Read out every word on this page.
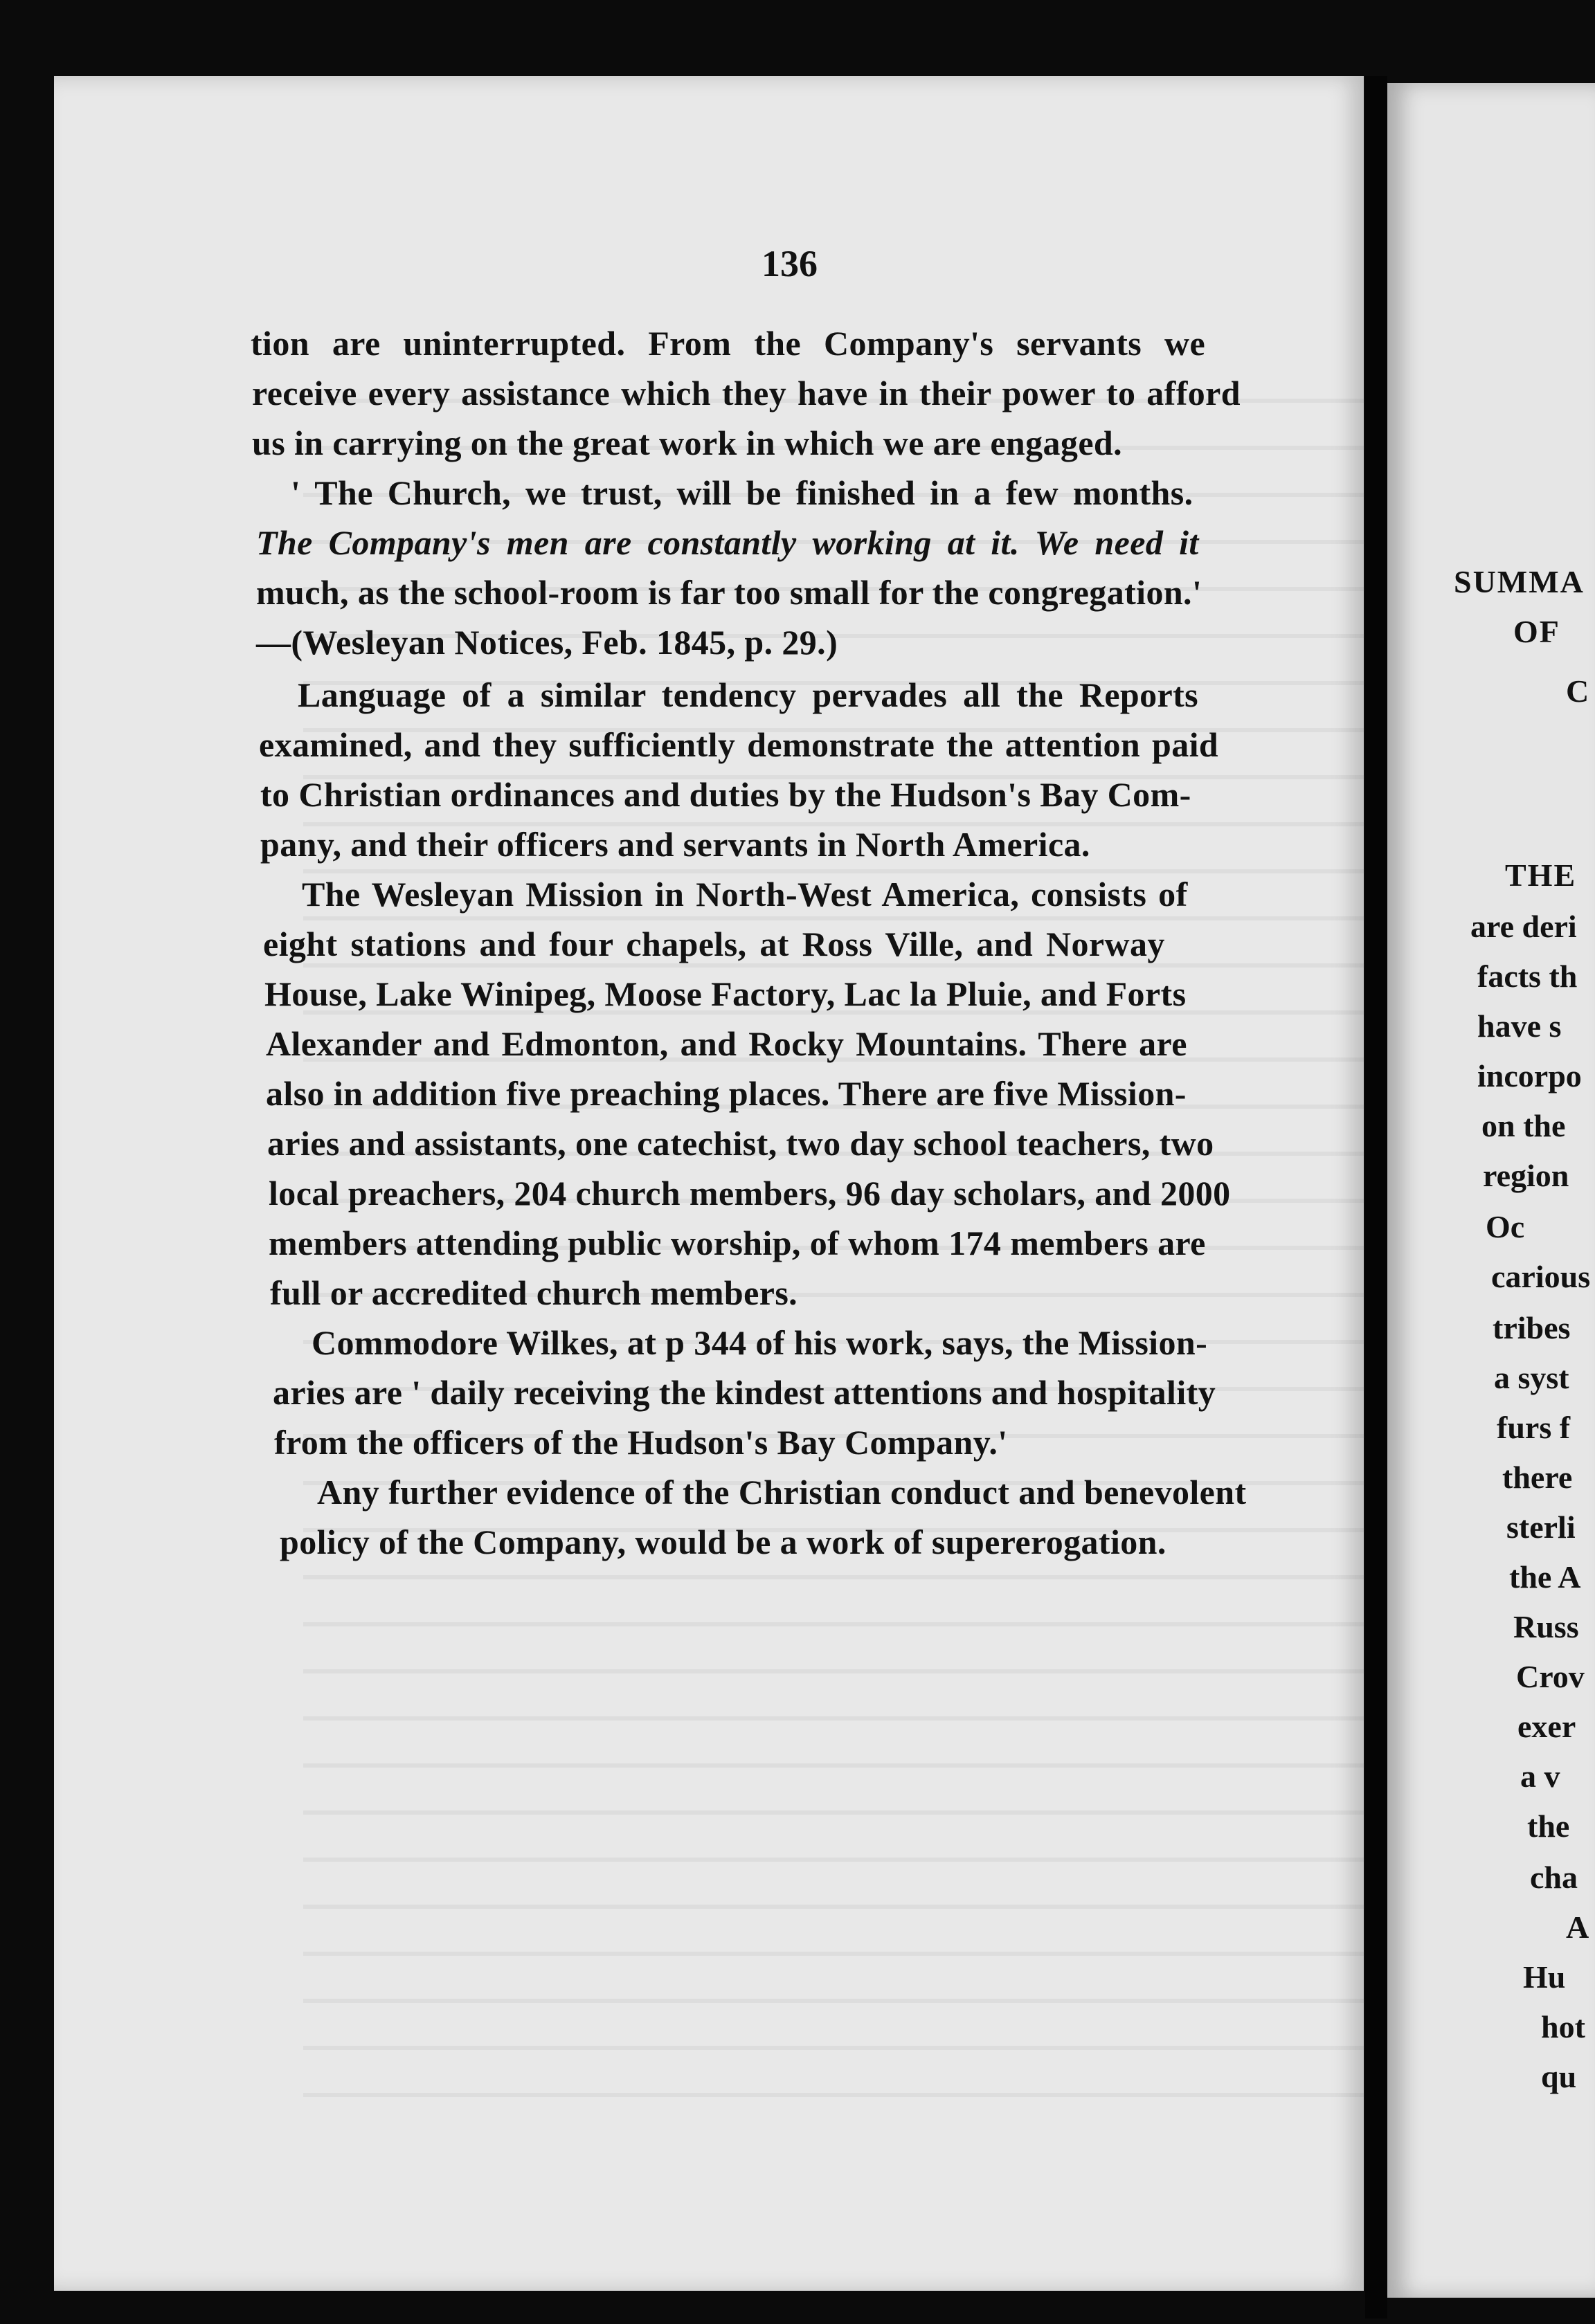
136
tion are uninterrupted. From the Company's servants we
receive every assistance which they have in their power to afford
us in carrying on the great work in which we are engaged.
' The Church, we trust, will be finished in a few months.
The Company's men are constantly working at it. We need it
much, as the school-room is far too small for the congregation.'
—(Wesleyan Notices, Feb. 1845, p. 29.)
Language of a similar tendency pervades all the Reports
examined, and they sufficiently demonstrate the attention paid
to Christian ordinances and duties by the Hudson's Bay Com-
pany, and their officers and servants in North America.
The Wesleyan Mission in North-West America, consists of
eight stations and four chapels, at Ross Ville, and Norway
House, Lake Winipeg, Moose Factory, Lac la Pluie, and Forts
Alexander and Edmonton, and Rocky Mountains. There are
also in addition five preaching places. There are five Mission-
aries and assistants, one catechist, two day school teachers, two
local preachers, 204 church members, 96 day scholars, and 2000
members attending public worship, of whom 174 members are
full or accredited church members.
Commodore Wilkes, at p 344 of his work, says, the Mission-
aries are ' daily receiving the kindest attentions and hospitality
from the officers of the Hudson's Bay Company.'
Any further evidence of the Christian conduct and benevolent
policy of the Company, would be a work of supererogation.
SUMMA
OF
C
THE
are deri
facts th
have s
incorpo
on the
region
Oc
carious
tribes
a syst
furs f
there
sterli
the A
Russ
Crov
exer
a v
the
cha
A
Hu
hot
qu
